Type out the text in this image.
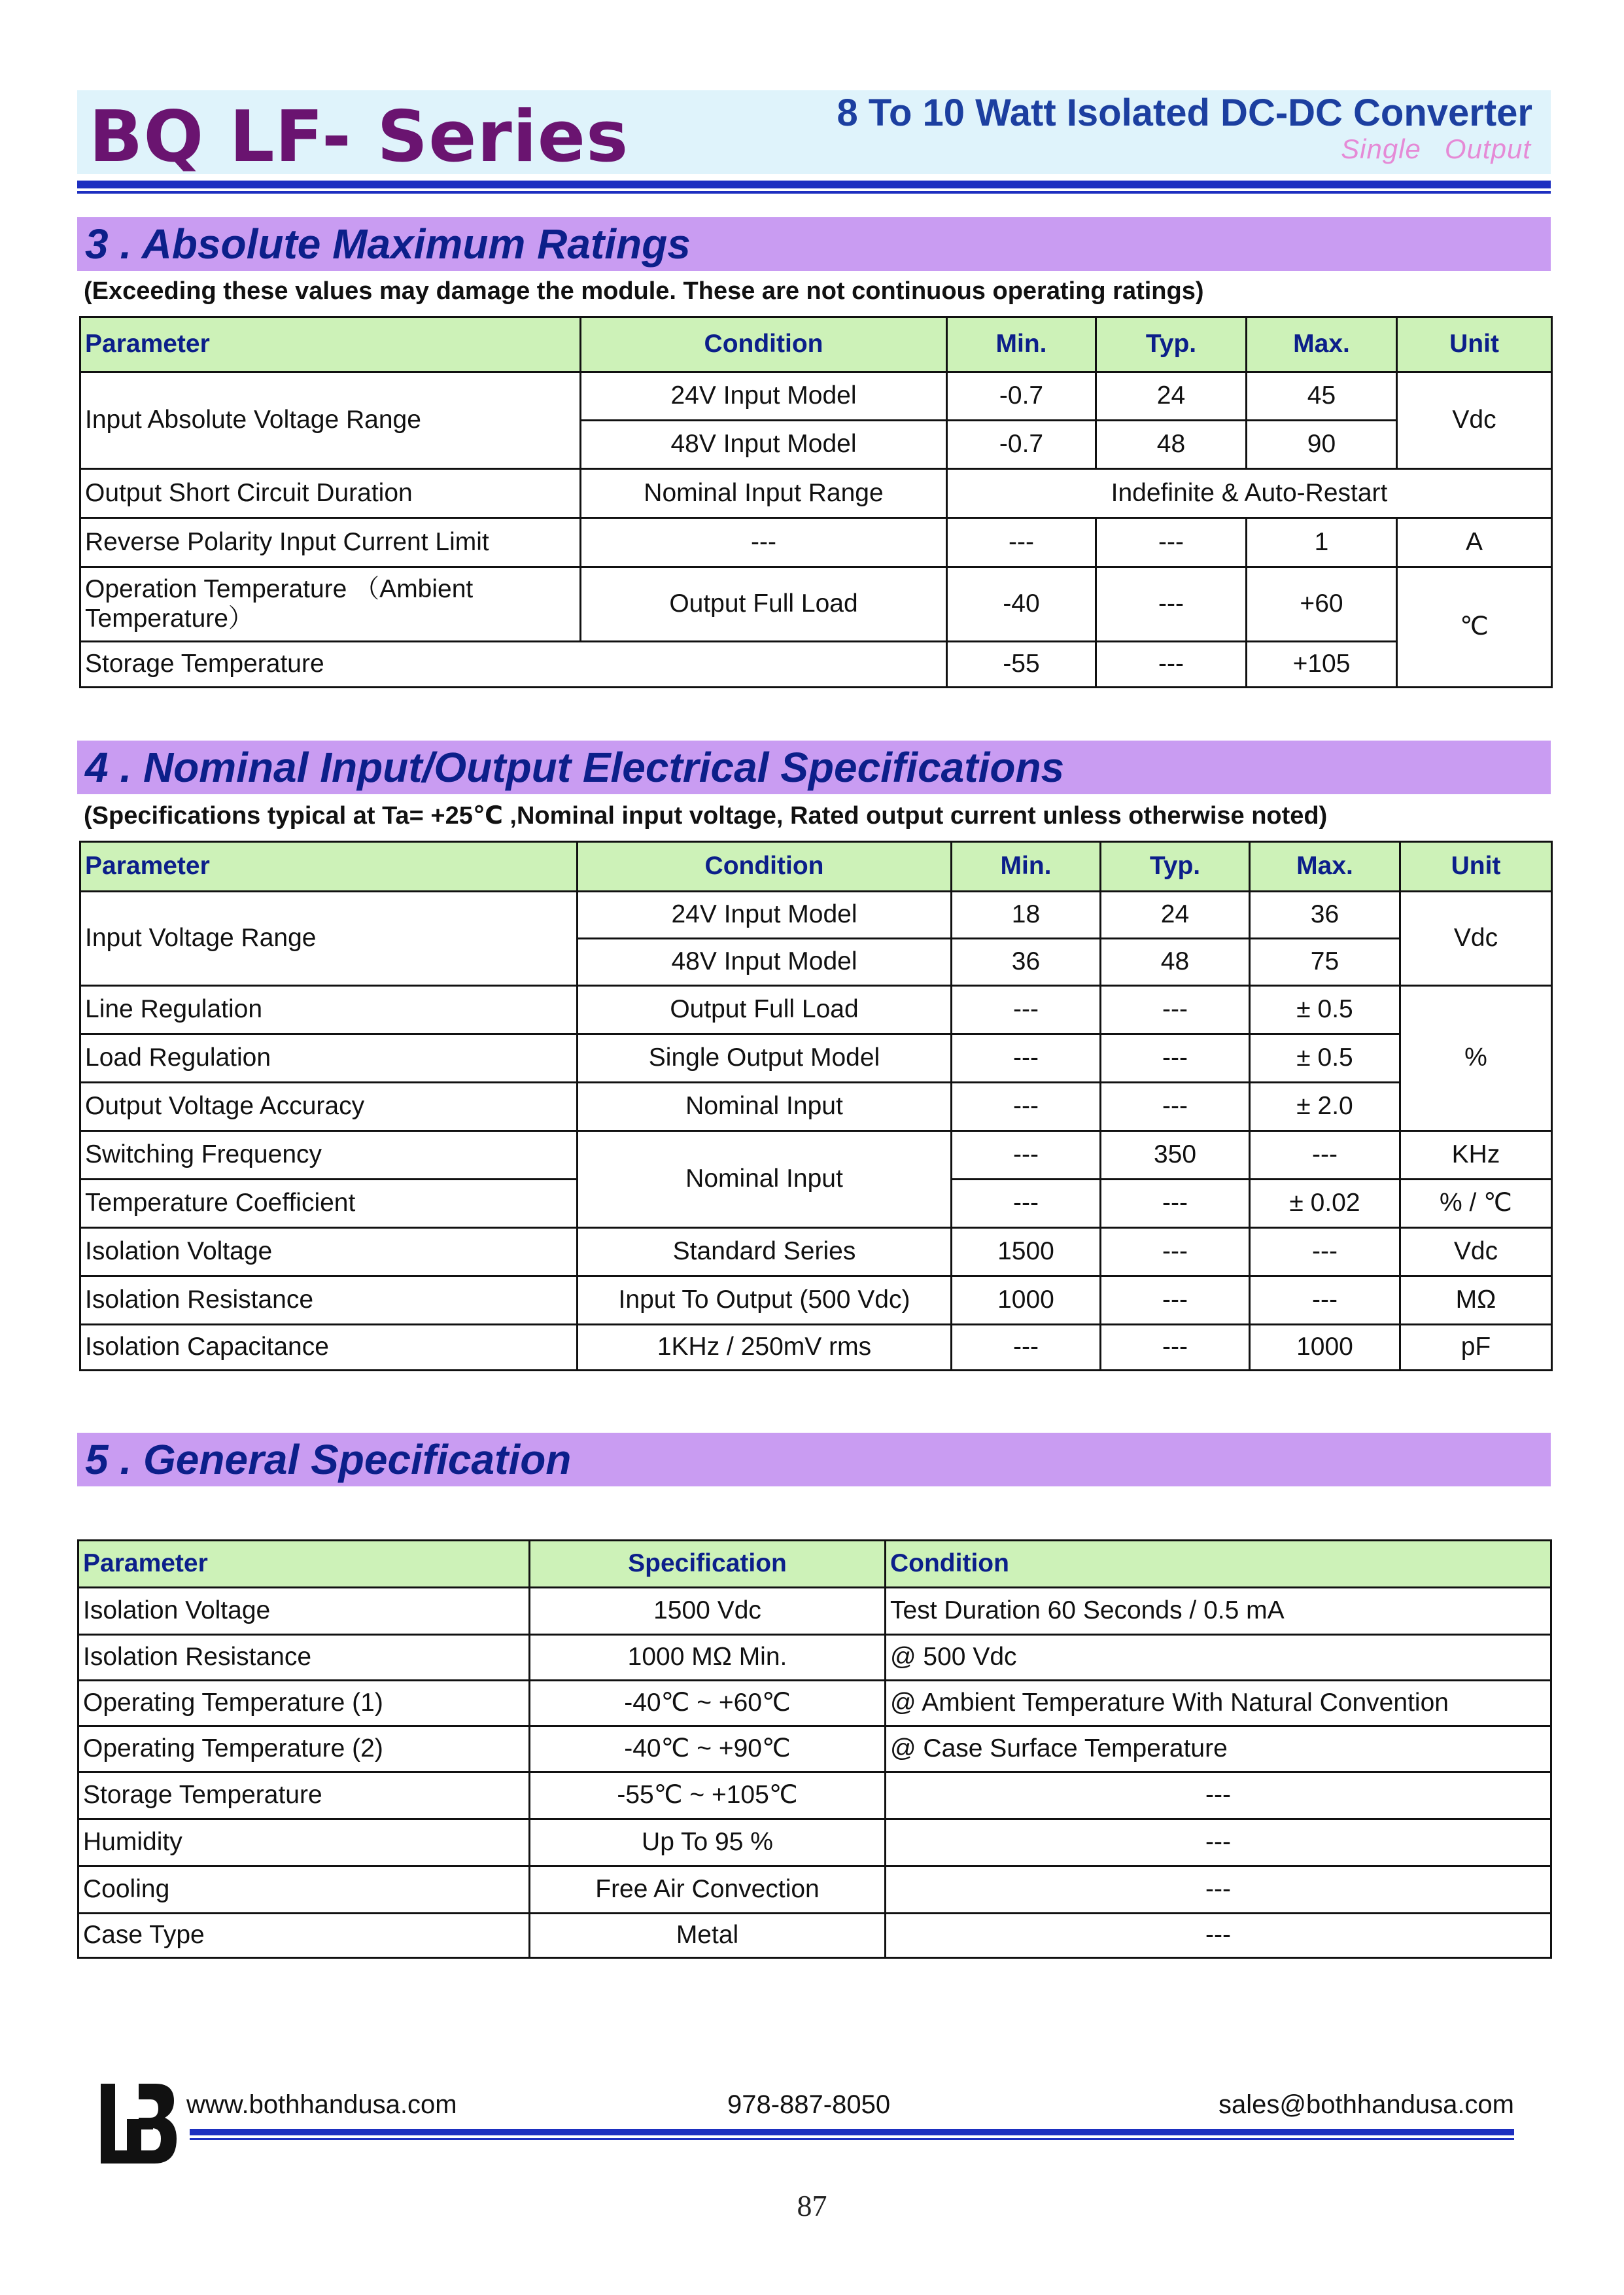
BQ LF- Series	8 To 10 Watt Isolated DC-DC Converter
Single Output
3 . Absolute Maximum Ratings
(Exceeding these values may damage the module. These are not continuous operating ratings)
Parameter	Condition	Min.	Typ.	Max.	Unit
Input Absolute Voltage Range	24V Input Model	-0.7	24	45	Vdc
	48V Input Model	-0.7	48	90	
Output Short Circuit Duration	Nominal Input Range	Indefinite & Auto-Restart			
Reverse Polarity Input Current Limit	---	---	---	1	A
Operation Temperature （Ambient Temperature）	Output Full Load	-40	---	+60	℃
Storage Temperature		-55	---	+105	
4 . Nominal Input/Output Electrical Specifications
(Specifications typical at Ta= +25℃ ,Nominal input voltage, Rated output current unless otherwise noted)
Parameter	Condition	Min.	Typ.	Max.	Unit
Input Voltage Range	24V Input Model	18	24	36	Vdc
	48V Input Model	36	48	75	
Line Regulation	Output Full Load	---	---	± 0.5	%
Load Regulation	Single Output Model	---	---	± 0.5	
Output Voltage Accuracy	Nominal Input	---	---	± 2.0	
Switching Frequency	Nominal Input	---	350	---	KHz
Temperature Coefficient		---	---	± 0.02	% / ℃
Isolation Voltage	Standard Series	1500	---	---	Vdc
Isolation Resistance	Input To Output (500 Vdc)	1000	---	---	MΩ
Isolation Capacitance	1KHz / 250mV rms	---	---	1000	pF
5 . General Specification
Parameter	Specification	Condition
Isolation Voltage	1500 Vdc	Test Duration 60 Seconds / 0.5 mA
Isolation Resistance	1000 MΩ Min.	@ 500 Vdc
Operating Temperature (1)	-40℃ ~ +60℃	@ Ambient Temperature With Natural Convention
Operating Temperature (2)	-40℃ ~ +90℃	@ Case Surface Temperature
Storage Temperature	-55℃ ~ +105℃	---
Humidity	Up To 95 %	---
Cooling	Free Air Convection	---
Case Type	Metal	---
www.bothhandusa.com	978-887-8050	sales@bothhandusa.com
87
